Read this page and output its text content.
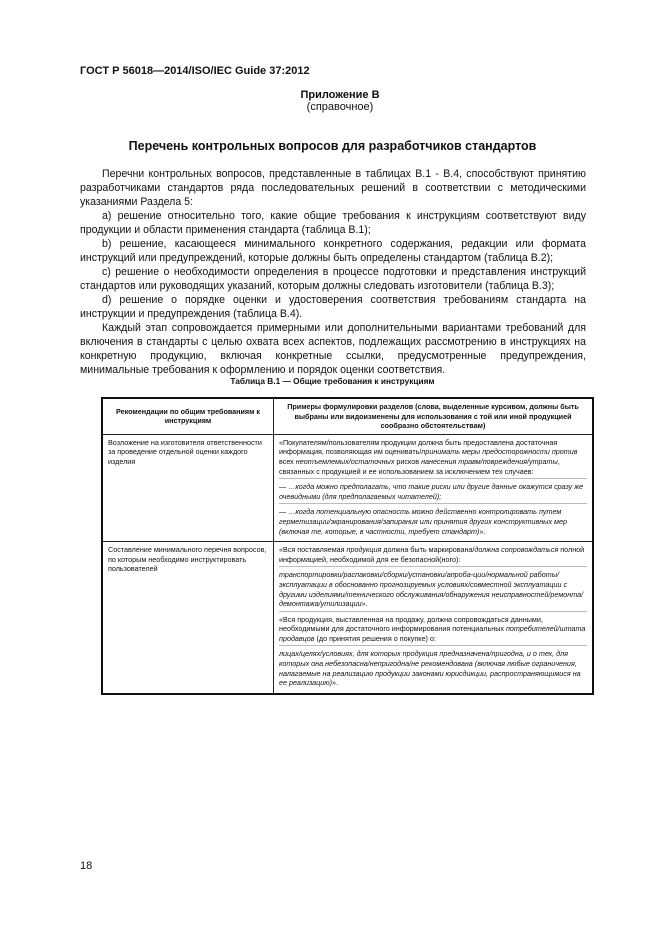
ГОСТ Р 56018—2014/ISO/IEC Guide 37:2012
Приложение В
(справочное)
Перечень контрольных вопросов для разработчиков стандартов

Перечни контрольных вопросов, представленные в таблицах В.1 - В.4, способствуют принятию разработчиками стандартов ряда последовательных решений в соответствии с методическими указаниями Раздела 5:

a) решение относительно того, какие общие требования к инструкциям соответствуют виду продукции и области применения стандарта (таблица В.1);

b) решение, касающееся минимального конкретного содержания, редакции или формата инструкций или предупреждений, которые должны быть определены стандартом (таблица В.2);

c) решение о необходимости определения в процессе подготовки и представления инструкций стандартов или руководящих указаний, которым должны следовать изготовители (таблица В.3);

d) решение о порядке оценки и удостоверения соответствия требованиям стандарта на инструкции и предупреждения (таблица В.4).

Каждый этап сопровождается примерными или дополнительными вариантами требований для включения в стандарты с целью охвата всех аспектов, подлежащих рассмотрению в инструкциях на конкретную продукцию, включая конкретные ссылки, предусмотренные предупреждения, минимальные требования к оформлению и порядок оценки соответствия.

Таблица В.1 — Общие требования к инструкциям
Рекомендации по общим требованиям к инструкциям	Примеры формулировки разделов (слова, выделенные курсивом, должны быть выбраны или видоизменены для использования с той или иной продукцией сообразно обстоятельствам)
Возложение на изготовителя ответственности за проведение отдельной оценки каждого изделия	«Покупателям/пользователям продукции должна быть предоставлена достаточная информация, позволяющая им оценивать/принимать меры предосторожности против всех неотъемлемых/остаточных рисков нанесения травм/повреждения/утраты, связанных с продукцией и ее использованием за исключением тех случаев:

— …когда можно предполагать, что такие риски или другие данные окажутся сразу же очевидными (для предполагаемых читателей);

— …когда потенциальную опасность можно действенно контролировать путем герметизации/экранирования/запирания или принятия других конструктивных мер (включая те, которые, в частности, требует стандарт)».

Составление минимального перечня вопросов, по которым необходимо инструктировать пользователей	«Вся поставляемая продукция должна быть маркирована/должна сопровождаться полной информацией, необходимой для ее безопасной(ного):

транспортировки/распаковки/сборки/установки/апроба-ции/нормальной работы/эксплуатации в обоснованно прогнозируемых условиях/совместной эксплуатации с другими изделиями/технического обслуживания/обнаружения неисправностей/ремонта/демонтажа/утилизации».

«Вся продукция, выставленная на продажу, должна сопровождаться данными, необходимыми для достаточного информирования потенциальных потребителей/штата продавцов (до принятия решения о покупке) о:

лицах/целях/условиях, для которых продукция предназначена/пригодна, и о тех, для которых она небезопасна/непригодна/не рекомендована (включая любые ограничения, налагаемые на реализацию продукции законами юрисдикции, распространяющимися на ее реализацию)».

18
